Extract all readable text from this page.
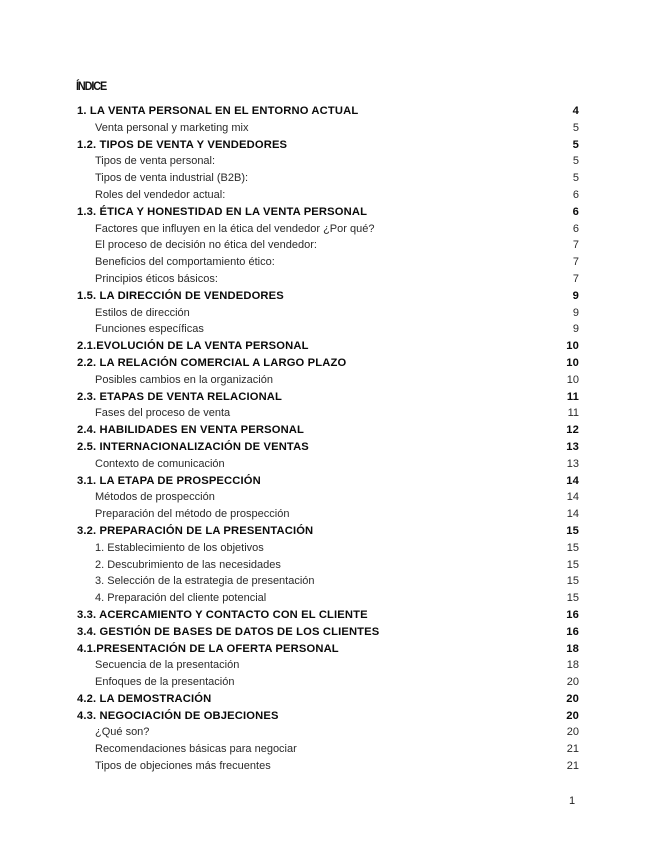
ÍNDICE
1. LA VENTA PERSONAL EN EL ENTORNO ACTUAL	4
Venta personal y marketing mix	5
1.2. TIPOS DE VENTA Y VENDEDORES	5
Tipos de venta personal:	5
Tipos de venta industrial (B2B):	5
Roles del vendedor actual:	6
1.3. ÉTICA Y HONESTIDAD EN LA VENTA PERSONAL	6
Factores que influyen en la ética del vendedor ¿Por qué?	6
El proceso de decisión no ética del vendedor:	7
Beneficios del comportamiento ético:	7
Principios éticos básicos:	7
1.5. LA DIRECCIÓN DE VENDEDORES	9
Estilos de dirección	9
Funciones específicas	9
2.1.EVOLUCIÓN DE LA VENTA PERSONAL	10
2.2. LA RELACIÓN COMERCIAL A LARGO PLAZO	10
Posibles cambios en la organización	10
2.3. ETAPAS DE VENTA RELACIONAL	11
Fases del proceso de venta	11
2.4. HABILIDADES EN VENTA PERSONAL	12
2.5. INTERNACIONALIZACIÓN DE VENTAS	13
Contexto de comunicación	13
3.1. LA ETAPA DE PROSPECCIÓN	14
Métodos de prospección	14
Preparación del método de prospección	14
3.2. PREPARACIÓN DE LA PRESENTACIÓN	15
1. Establecimiento de los objetivos	15
2. Descubrimiento de las necesidades	15
3. Selección de la estrategia de presentación	15
4. Preparación del cliente potencial	15
3.3. ACERCAMIENTO Y CONTACTO CON EL CLIENTE	16
3.4. GESTIÓN DE BASES DE DATOS DE LOS CLIENTES	16
4.1.PRESENTACIÓN DE LA OFERTA PERSONAL	18
Secuencia de la presentación	18
Enfoques de la presentación	20
4.2. LA DEMOSTRACIÓN	20
4.3. NEGOCIACIÓN DE OBJECIONES	20
¿Qué son?	20
Recomendaciones básicas para negociar	21
Tipos de objeciones más frecuentes	21
1
